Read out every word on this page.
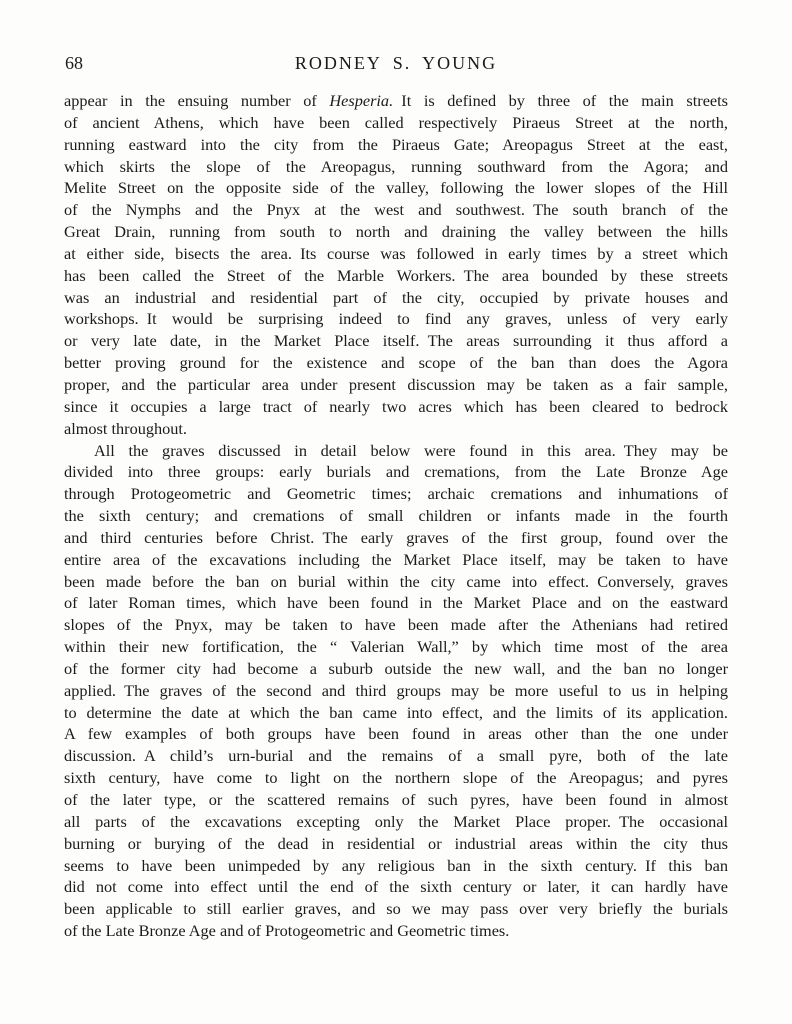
68	RODNEY S. YOUNG
appear in the ensuing number of Hesperia. It is defined by three of the main streets
of ancient Athens, which have been called respectively Piraeus Street at the north,
running eastward into the city from the Piraeus Gate; Areopagus Street at the east,
which skirts the slope of the Areopagus, running southward from the Agora; and
Melite Street on the opposite side of the valley, following the lower slopes of the Hill
of the Nymphs and the Pnyx at the west and southwest. The south branch of the
Great Drain, running from south to north and draining the valley between the hills
at either side, bisects the area. Its course was followed in early times by a street which
has been called the Street of the Marble Workers. The area bounded by these streets
was an industrial and residential part of the city, occupied by private houses and
workshops. It would be surprising indeed to find any graves, unless of very early
or very late date, in the Market Place itself. The areas surrounding it thus afford a
better proving ground for the existence and scope of the ban than does the Agora
proper, and the particular area under present discussion may be taken as a fair sample,
since it occupies a large tract of nearly two acres which has been cleared to bedrock
almost throughout.
All the graves discussed in detail below were found in this area. They may be
divided into three groups: early burials and cremations, from the Late Bronze Age
through Protogeometric and Geometric times; archaic cremations and inhumations of
the sixth century; and cremations of small children or infants made in the fourth
and third centuries before Christ. The early graves of the first group, found over the
entire area of the excavations including the Market Place itself, may be taken to have
been made before the ban on burial within the city came into effect. Conversely, graves
of later Roman times, which have been found in the Market Place and on the eastward
slopes of the Pnyx, may be taken to have been made after the Athenians had retired
within their new fortification, the “ Valerian Wall,” by which time most of the area
of the former city had become a suburb outside the new wall, and the ban no longer
applied. The graves of the second and third groups may be more useful to us in helping
to determine the date at which the ban came into effect, and the limits of its application.
A few examples of both groups have been found in areas other than the one under
discussion. A child’s urn-burial and the remains of a small pyre, both of the late
sixth century, have come to light on the northern slope of the Areopagus; and pyres
of the later type, or the scattered remains of such pyres, have been found in almost
all parts of the excavations excepting only the Market Place proper. The occasional
burning or burying of the dead in residential or industrial areas within the city thus
seems to have been unimpeded by any religious ban in the sixth century. If this ban
did not come into effect until the end of the sixth century or later, it can hardly have
been applicable to still earlier graves, and so we may pass over very briefly the burials
of the Late Bronze Age and of Protogeometric and Geometric times.
